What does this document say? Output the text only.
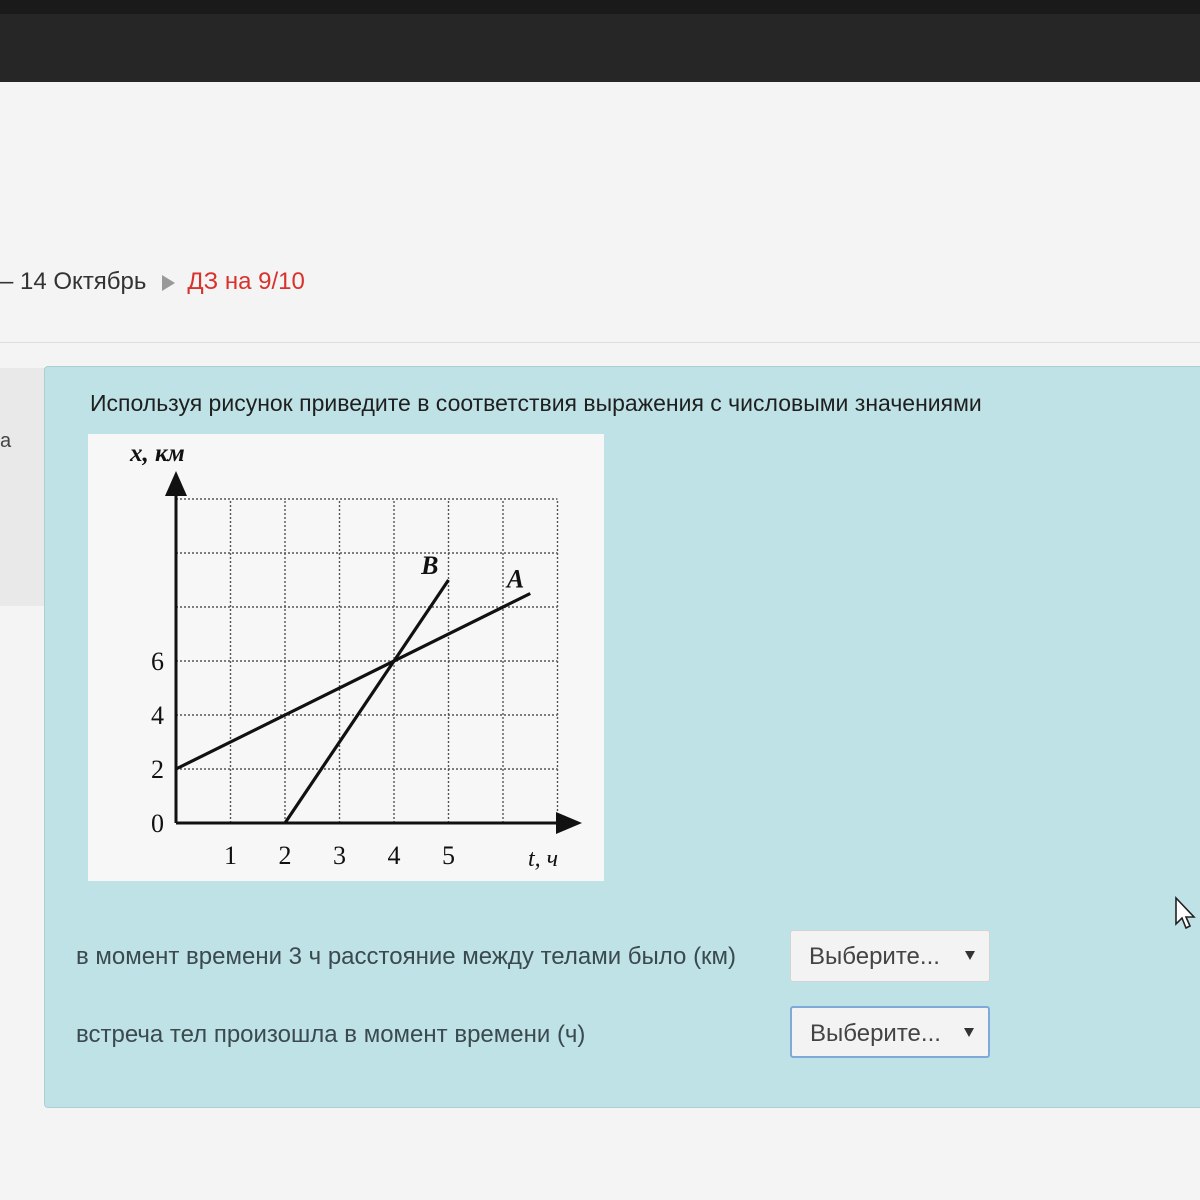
– 14 Октябрь ДЗ на 9/10
а
Используя рисунок приведите в соответствия выражения с числовыми значениями
x, км
t, ч
1 2 3 4 5
0
2
4
6
A
B
в момент времени 3 ч расстояние между телами было (км)	Выберите...
встреча тел произошла в момент времени (ч)	Выберите...
